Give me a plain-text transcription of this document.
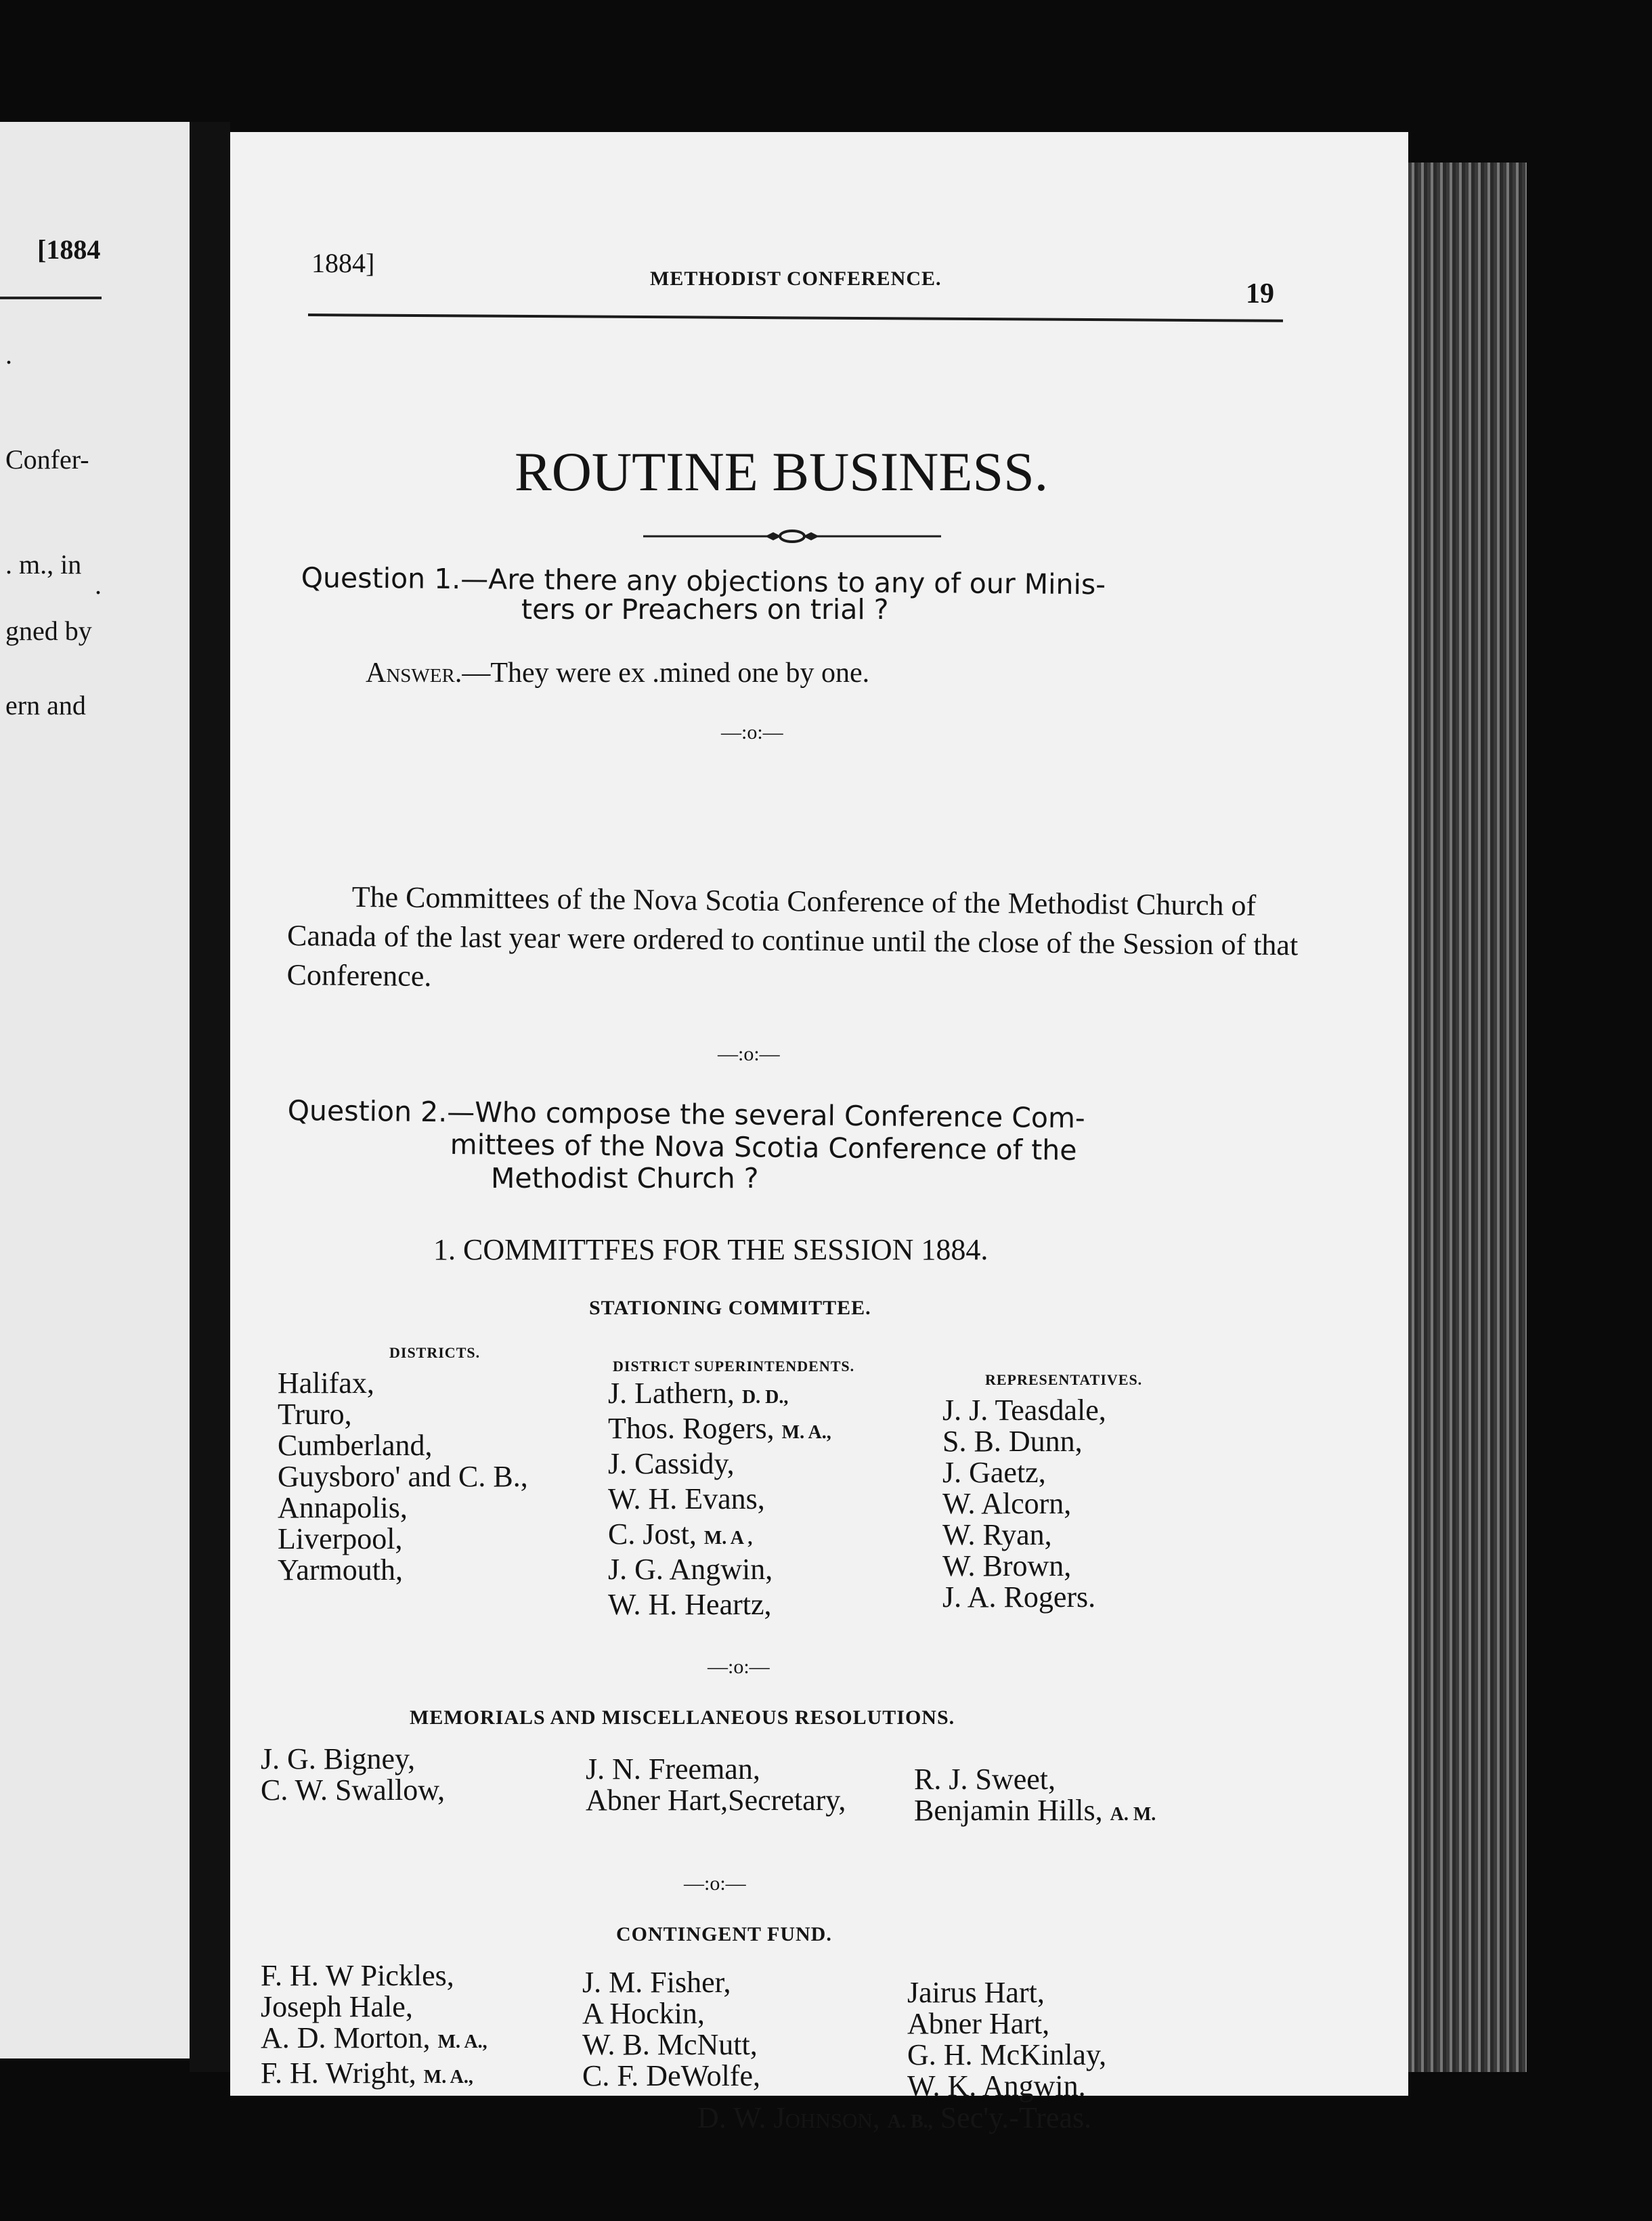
[1884
.
Confer-
. m., in
.
gned by
ern and
1884]
METHODIST CONFERENCE.	19
ROUTINE BUSINESS.
Question 1.—Are there any objections to any of our Minis-
ters or Preachers on trial ?
Answer.—They were ex .mined one by one.
—:o:—

The Committees of the Nova Scotia Conference of the Methodist Church of Canada of the last year were ordered to continue until the close of the Session of that Conference.

—:o:—
Question 2.—Who compose the several Conference Com-
mittees of the Nova Scotia Conference of the
Methodist Church ?
1. COMMITTFES FOR THE SESSION 1884.
STATIONING COMMITTEE.
DISTRICTS.
DISTRICT SUPERINTENDENTS.
REPRESENTATIVES.
Halifax,
Truro,
Cumberland,
Guysboro' and C. B.,
Annapolis,
Liverpool,
Yarmouth,
J. Lathern, D. D.,
Thos. Rogers, M. A.,
J. Cassidy,
W. H. Evans,
C. Jost, M. A ,
J. G. Angwin,
W. H. Heartz,
J. J. Teasdale,
S. B. Dunn,
J. Gaetz,
W. Alcorn,
W. Ryan,
W. Brown,
J. A. Rogers.
—:o:—
MEMORIALS AND MISCELLANEOUS RESOLUTIONS.
J. G. Bigney,
C. W. Swallow,
J. N. Freeman,
Abner Hart,Secretary,
R. J. Sweet,
Benjamin Hills, A. M.
—:o:—
CONTINGENT FUND.
F. H. W Pickles,
Joseph Hale,
A. D. Morton, M. A.,
F. H. Wright, M. A.,
J. M. Fisher,
A Hockin,
W. B. McNutt,
C. F. DeWolfe,
Jairus Hart,
Abner Hart,
G. H. McKinlay,
W. K. Angwin.
D. W. Johnson, A. B., Sec'y.-Treas.
